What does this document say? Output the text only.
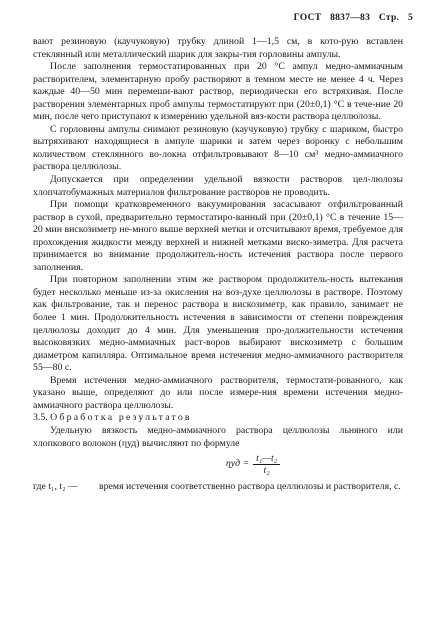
ГОСТ 8837—83 Стр. 5

вают резиновую (каучуковую) трубку длиной 1—1,5 см, в кото-рую вставлен стеклянный или металлический шарик для закры-тия горловины ампулы.

После заполнения термостатированных при 20 °С ампул медно-аммиачным растворителем, элементарную пробу растворяют в темном месте не менее 4 ч. Через каждые 40—50 мин перемеши-вают раствор, периодически его встряхивая. После растворения элементарных проб ампулы термостатируют при (20±0,1) °С в тече-ние 20 мин, после чего приступают к измерению удельной вяз-кости раствора целлюлозы.

С горловины ампулы снимают резиновую (каучуковую) трубку с шариком, быстро вытряхивают находящиеся в ампуле шарики и затем через воронку с небольшим количеством стеклянного во-локна отфильтровывают 8—10 см³ медно-аммиачного раствора целлюлозы.

Допускается при определении удельной вязкости растворов цел-люлозы хлопчатобумажных материалов фильтрование растворов не проводить.

При помощи кратковременного вакуумирования засасывают отфильтрованный раствор в сухой, предварительно термостатиро-ванный при (20±0,1) °С в течение 15—20 мин вискозиметр не-много выше верхней метки и отсчитывают время, требуемое для прохождения жидкости между верхней и нижней метками виско-зиметра. Для расчета принимается во внимание продолжитель-ность истечения раствора после первого заполнения.

При повторном заполнении этим же раствором продолжитель-ность вытекания будет несколько меньше из-за окисления на воз-духе целлюлозы в растворе. Поэтому как фильтрование, так и перенос раствора в вискозиметр, как правило, занимает не более 1 мин. Продолжительность истечения в зависимости от степени повреждения целлюлозы доходит до 4 мин. Для уменьшения про-должительности истечения высоковязких медно-аммиачных раст-воров выбирают вискозиметр с большим диаметром капилляра. Оптимальное время истечения медно-аммиачного растворителя 55—80 с.

Время истечения медно-аммиачного растворителя, термостати-рованного, как указано выше, определяют до или после измере-ния времени истечения медно-аммиачного раствора целлюлозы.

3.5. Обработка результатов

Удельную вязкость медно-аммиачного раствора целлюлозы льняного или хлопкового волокон (ηуд) вычисляют по формуле

$\eta уд = \frac{\text{t₁—t₂}}{\text{t₂}}$
где t₁, t₂ —	время истечения соответственно раствора целлюлозы и растворителя, с.
